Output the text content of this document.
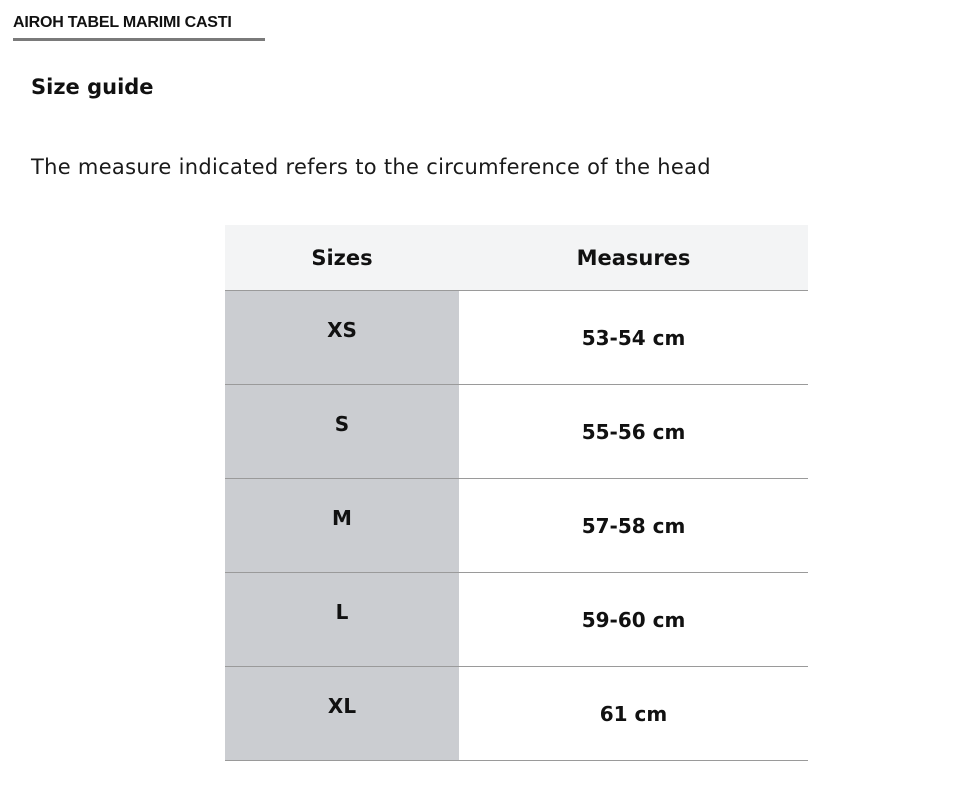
AIROH TABEL MARIMI CASTI
Size guide
The measure indicated refers to the circumference of the head
Sizes	Measures
XS	53-54 cm
S	55-56 cm
M	57-58 cm
L	59-60 cm
XL	61 cm
